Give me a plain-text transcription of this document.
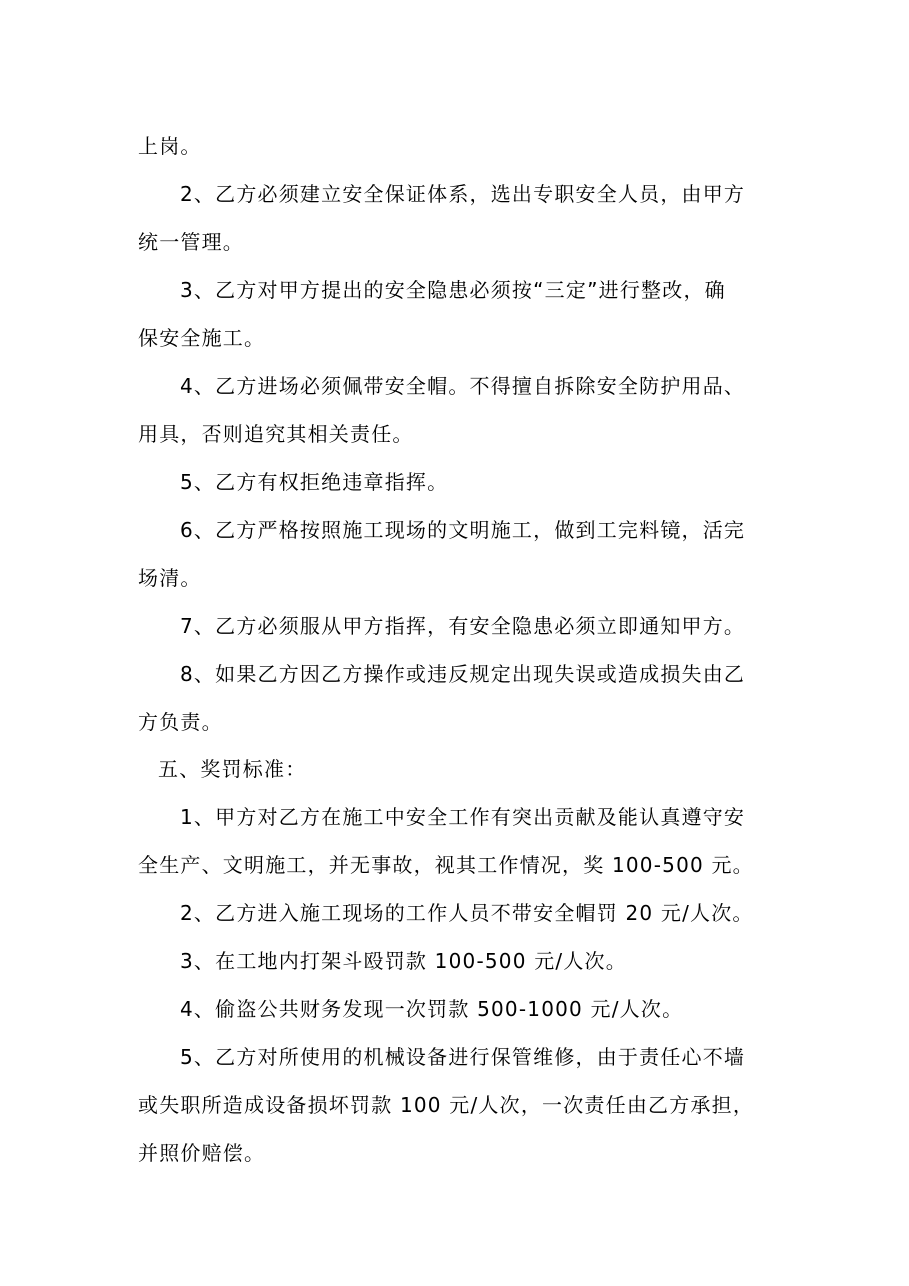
上岗。
2、乙方必须建立安全保证体系，选出专职安全人员，由甲方
统一管理。
3、乙方对甲方提出的安全隐患必须按“三定”进行整改，确
保安全施工。
4、乙方进场必须佩带安全帽。不得擅自拆除安全防护用品、
用具，否则追究其相关责任。
5、乙方有权拒绝违章指挥。
6、乙方严格按照施工现场的文明施工，做到工完料镜，活完
场清。
7、乙方必须服从甲方指挥，有安全隐患必须立即通知甲方。
8、如果乙方因乙方操作或违反规定出现失误或造成损失由乙
方负责。
五、奖罚标准：
1、甲方对乙方在施工中安全工作有突出贡献及能认真遵守安
全生产、文明施工，并无事故，视其工作情况，奖 100-500 元。
2、乙方进入施工现场的工作人员不带安全帽罚 20 元/人次。
3、在工地内打架斗殴罚款 100-500 元/人次。
4、偷盗公共财务发现一次罚款 500-1000 元/人次。
5、乙方对所使用的机械设备进行保管维修，由于责任心不墙
或失职所造成设备损坏罚款 100 元/人次，一次责任由乙方承担，
并照价赔偿。
